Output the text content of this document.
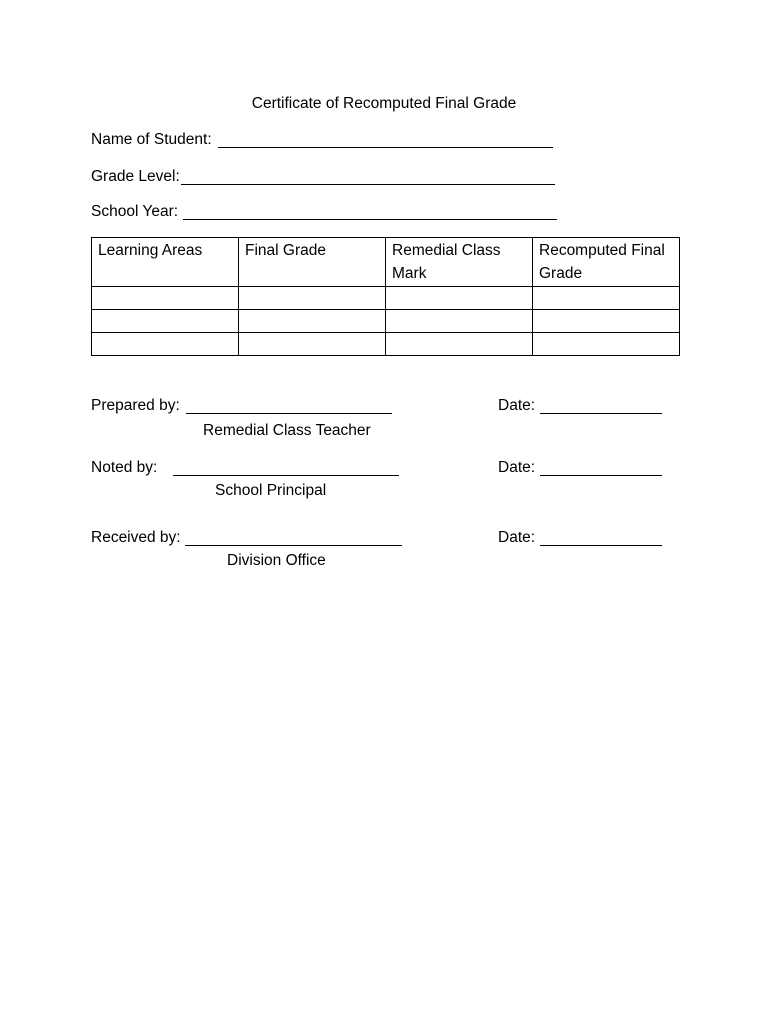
Certificate of Recomputed Final Grade
Name of Student:
Grade Level:
School Year:
Learning Areas	Final Grade	Remedial Class Mark	Recomputed Final Grade

Prepared by:	Date:
Remedial Class Teacher
Noted by:	Date:
School Principal
Received by:	Date:
Division Office
